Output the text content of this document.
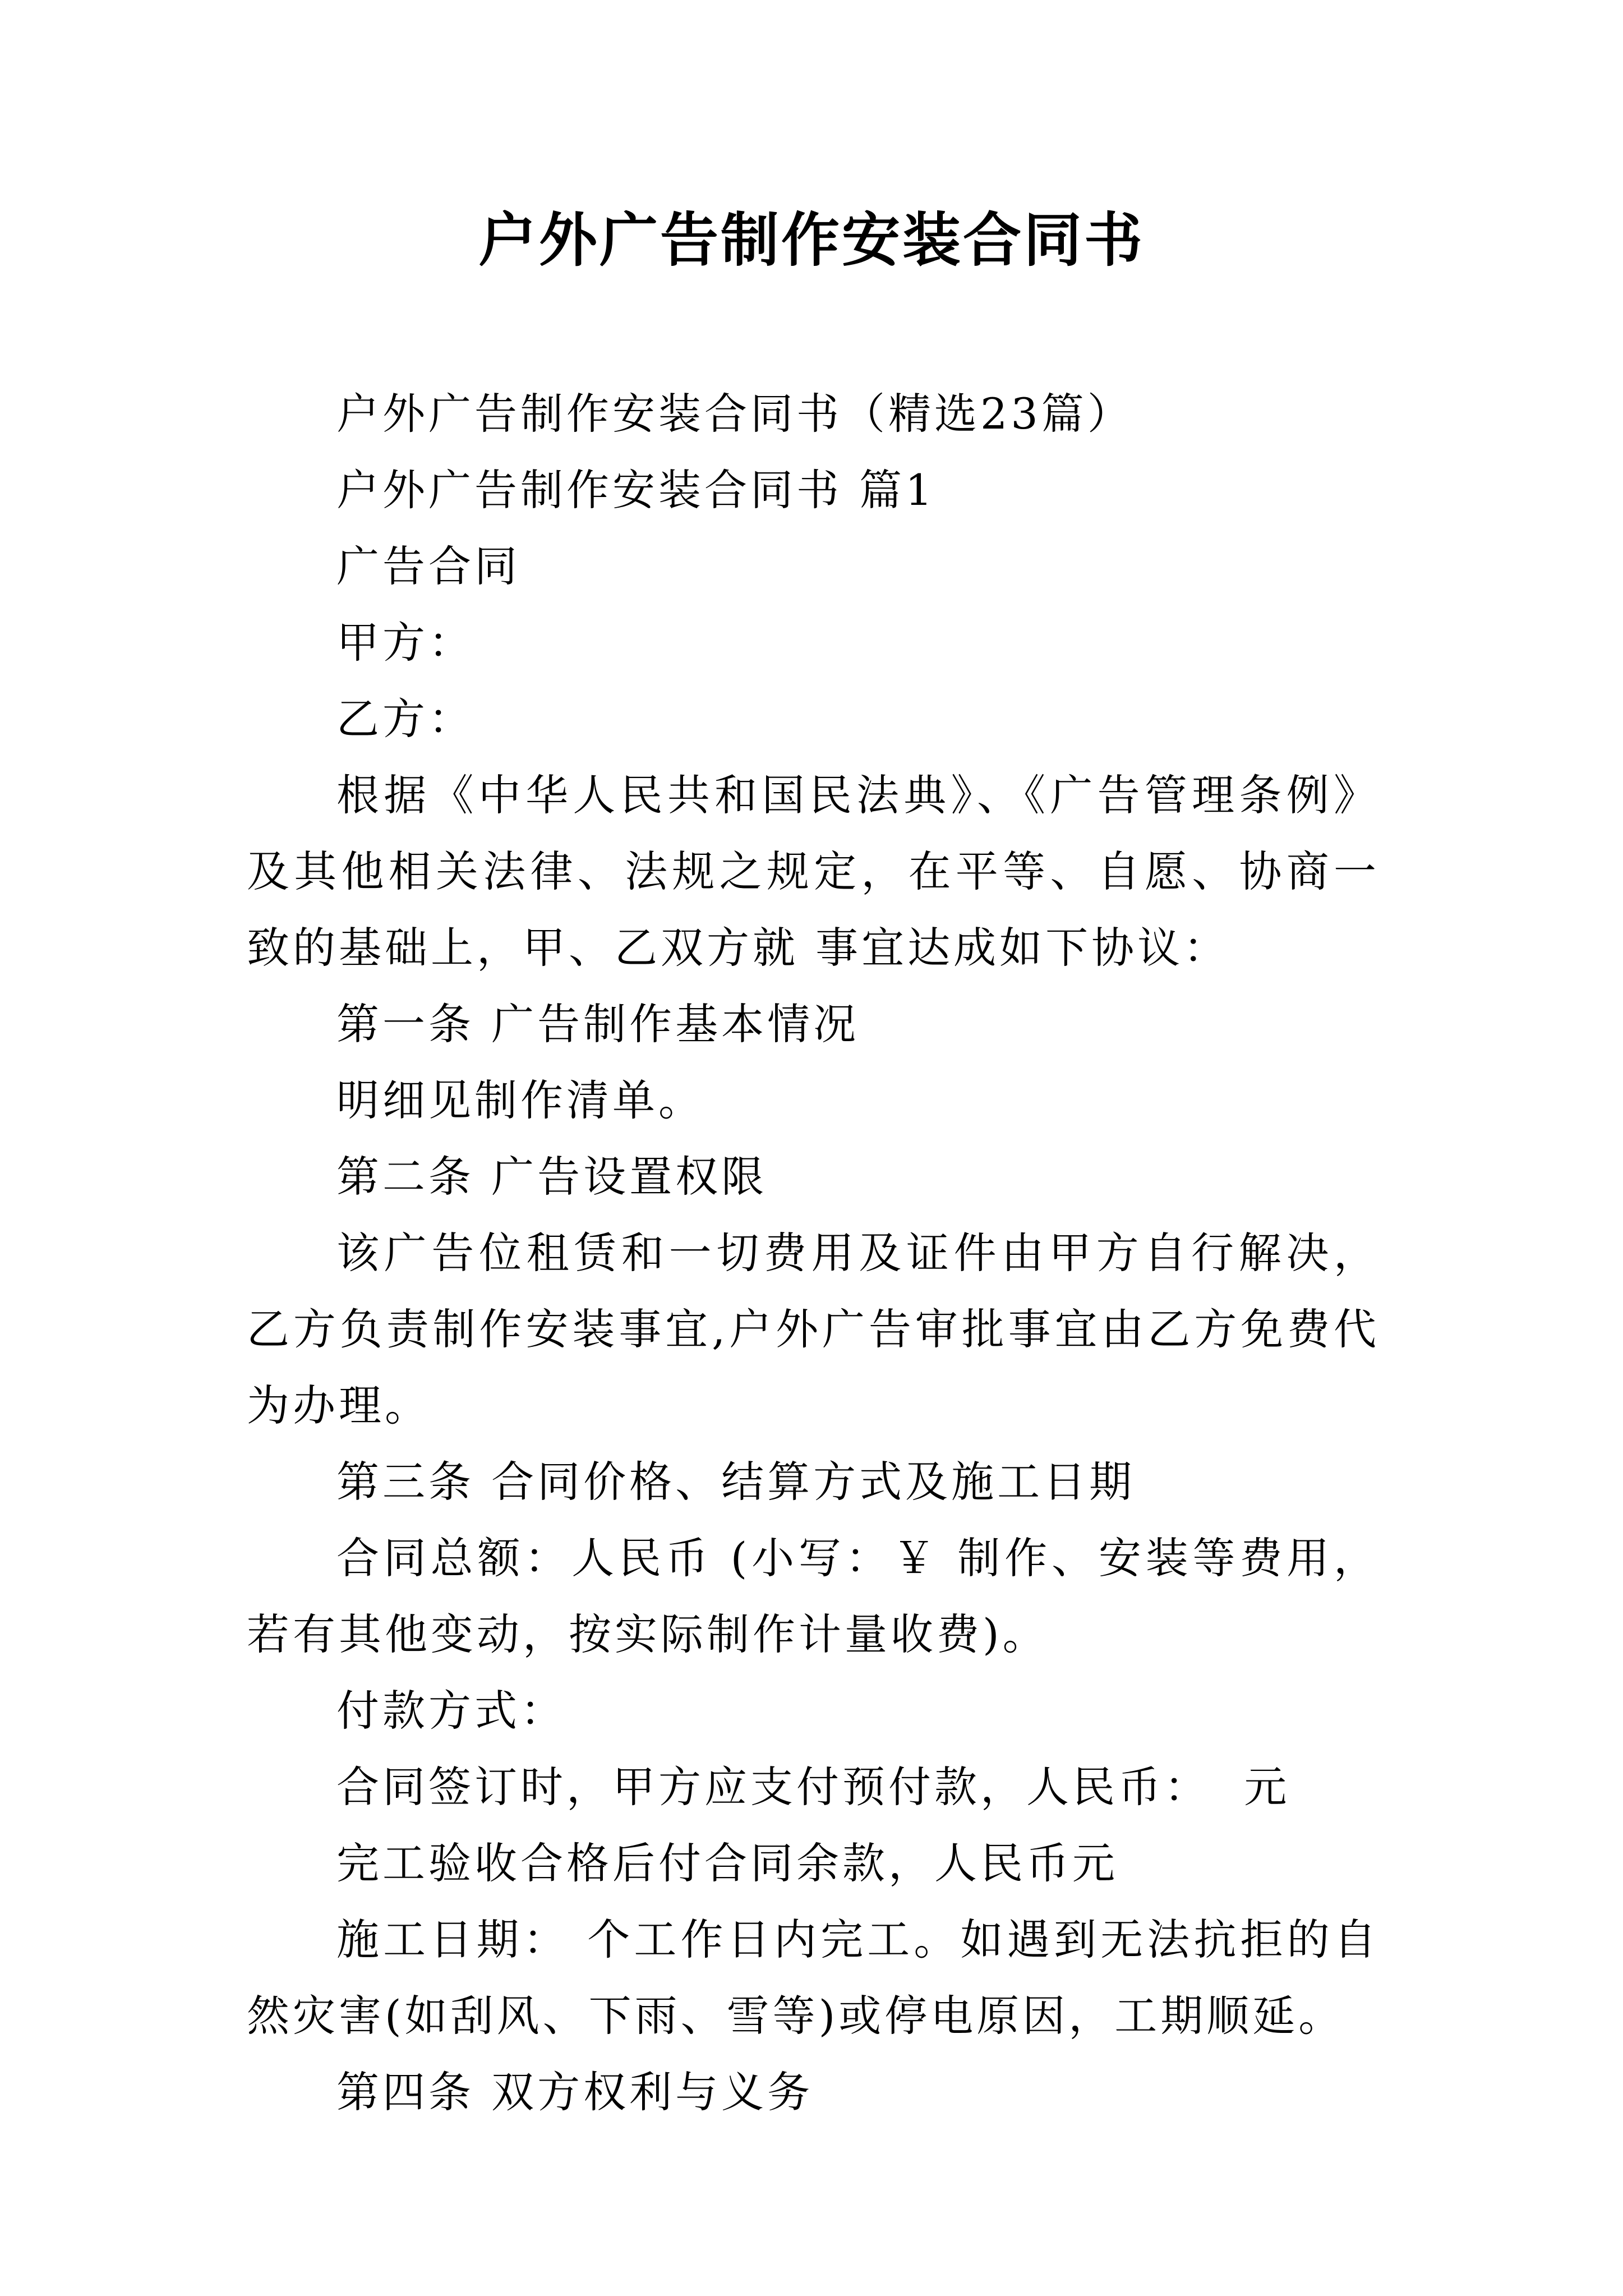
户外广告制作安装合同书

户外广告制作安装合同书（精选23篇）

户外广告制作安装合同书 篇1

广告合同

甲方：

乙方：

根据《中华人民共和国民法典》、《广告管理条例》及其他相关法律、法规之规定，在平等、自愿、协商一致的基础上，甲、乙双方就 事宜达成如下协议：

第一条 广告制作基本情况

明细见制作清单。

第二条 广告设置权限

该广告位租赁和一切费用及证件由甲方自行解决，乙方负责制作安装事宜,户外广告审批事宜由乙方免费代为办理。

第三条 合同价格、结算方式及施工日期

合同总额：人民币 (小写：￥ 制作、安装等费用，若有其他变动，按实际制作计量收费)。

付款方式：

合同签订时，甲方应支付预付款，人民币：  元

完工验收合格后付合同余款，人民币元

施工日期： 个工作日内完工。如遇到无法抗拒的自然灾害(如刮风、下雨、雪等)或停电原因，工期顺延。

第四条 双方权利与义务
